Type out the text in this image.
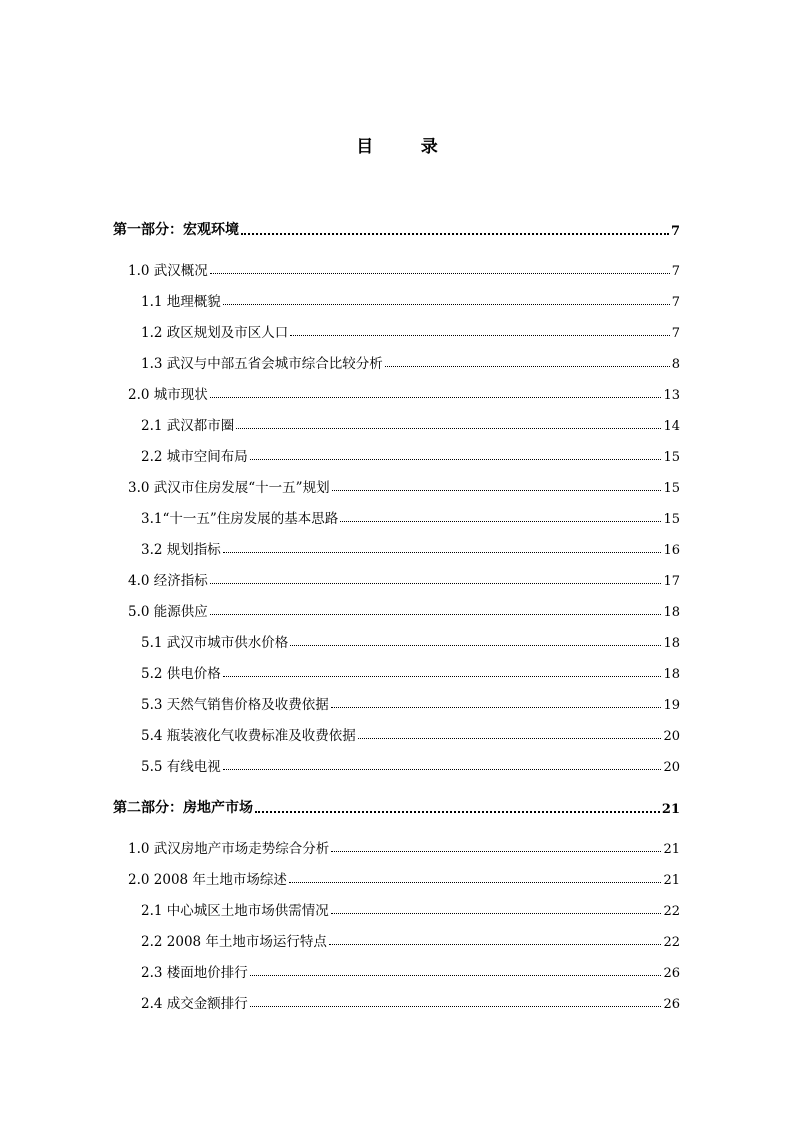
目　录
第一部分：宏观环境	7
1.0 武汉概况	7
1.1 地理概貌	7
1.2 政区规划及市区人口	7
1.3 武汉与中部五省会城市综合比较分析	8
2.0 城市现状	13
2.1 武汉都市圈	14
2.2 城市空间布局	15
3.0 武汉市住房发展“十一五”规划	15
3.1“十一五”住房发展的基本思路	15
3.2 规划指标	16
4.0 经济指标	17
5.0 能源供应	18
5.1 武汉市城市供水价格	18
5.2 供电价格	18
5.3 天然气销售价格及收费依据	19
5.4 瓶装液化气收费标准及收费依据	20
5.5 有线电视	20
第二部分：房地产市场	21
1.0 武汉房地产市场走势综合分析	21
2.0 2008 年土地市场综述	21
2.1 中心城区土地市场供需情况	22
2.2 2008 年土地市场运行特点	22
2.3 楼面地价排行	26
2.4 成交金额排行	26
